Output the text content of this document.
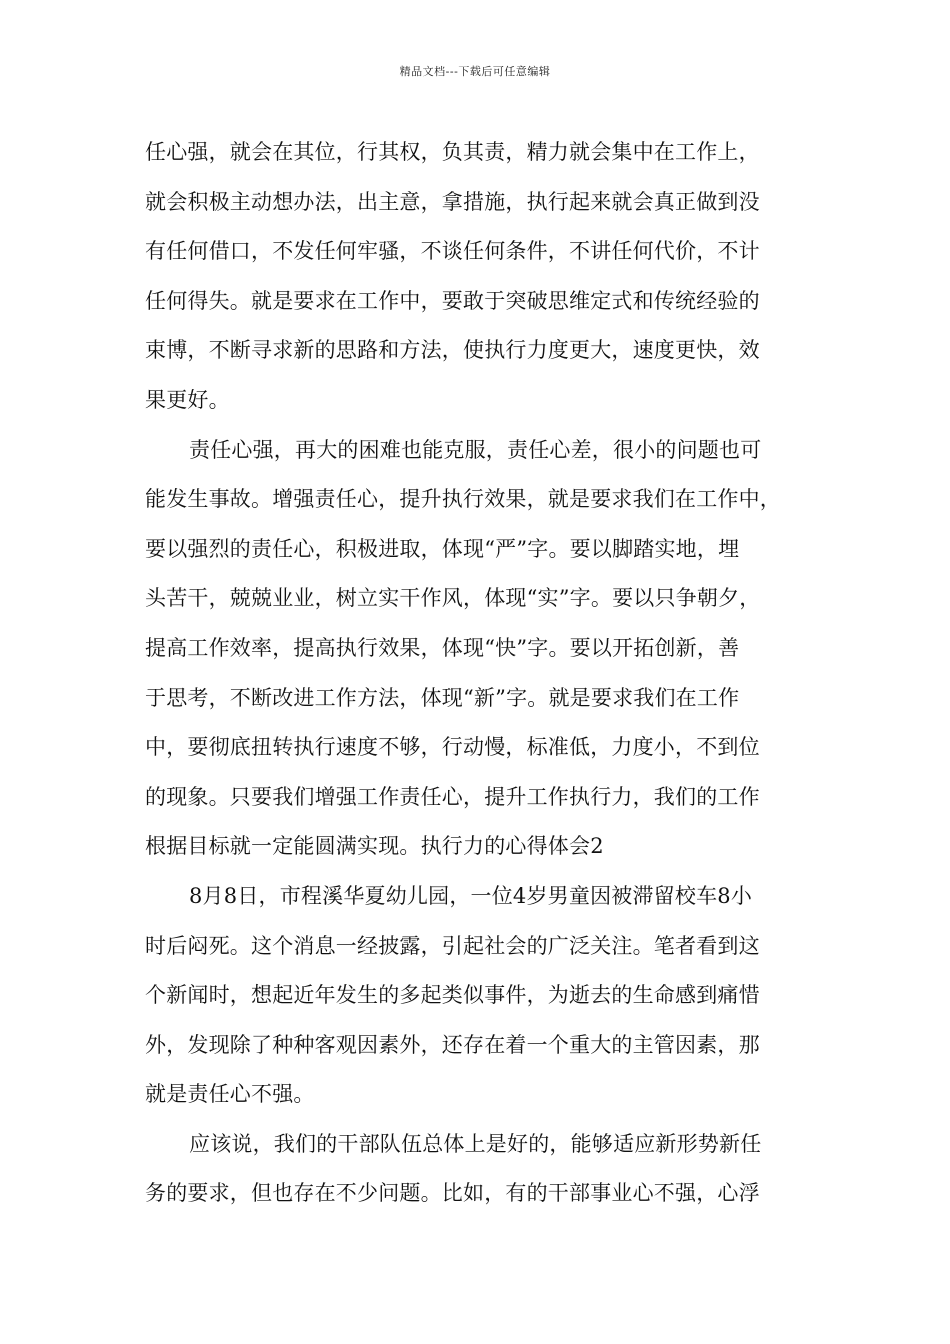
精品文档---下载后可任意编辑
任心强，就会在其位，行其权，负其责，精力就会集中在工作上，
就会积极主动想办法，出主意，拿措施，执行起来就会真正做到没
有任何借口，不发任何牢骚，不谈任何条件，不讲任何代价，不计
任何得失。就是要求在工作中，要敢于突破思维定式和传统经验的
束博，不断寻求新的思路和方法，使执行力度更大，速度更快，效
果更好。
责任心强，再大的困难也能克服，责任心差，很小的问题也可
能发生事故。增强责任心，提升执行效果，就是要求我们在工作中，
要以强烈的责任心，积极进取，体现“严”字。要以脚踏实地，埋
头苦干，兢兢业业，树立实干作风，体现“实”字。要以只争朝夕，
提高工作效率，提高执行效果，体现“快”字。要以开拓创新，善
于思考，不断改进工作方法，体现“新”字。就是要求我们在工作
中，要彻底扭转执行速度不够，行动慢，标准低，力度小，不到位
的现象。只要我们增强工作责任心，提升工作执行力，我们的工作
根据目标就一定能圆满实现。执行力的心得体会2
8月8日，市程溪华夏幼儿园，一位4岁男童因被滞留校车8小
时后闷死。这个消息一经披露，引起社会的广泛关注。笔者看到这
个新闻时，想起近年发生的多起类似事件，为逝去的生命感到痛惜
外，发现除了种种客观因素外，还存在着一个重大的主管因素，那
就是责任心不强。
应该说，我们的干部队伍总体上是好的，能够适应新形势新任
务的要求，但也存在不少问题。比如，有的干部事业心不强，心浮
